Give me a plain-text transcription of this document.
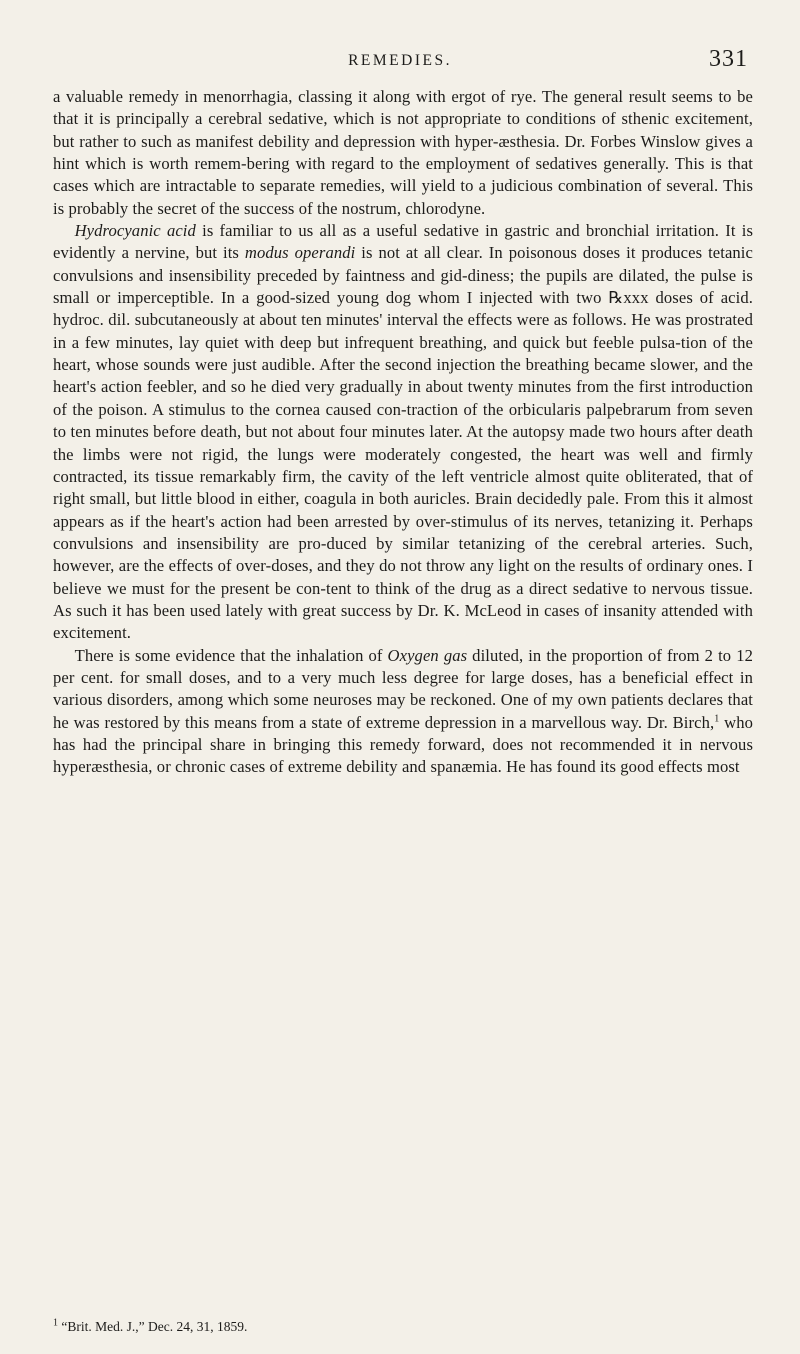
REMEDIES.	331

a valuable remedy in menorrhagia, classing it along with ergot of rye. The general result seems to be that it is principally a cerebral sedative, which is not appropriate to conditions of sthenic excitement, but rather to such as manifest debility and depression with hyper-æsthesia. Dr. Forbes Winslow gives a hint which is worth remem-bering with regard to the employment of sedatives generally. This is that cases which are intractable to separate remedies, will yield to a judicious combination of several. This is probably the secret of the success of the nostrum, chlorodyne.

Hydrocyanic acid is familiar to us all as a useful sedative in gastric and bronchial irritation. It is evidently a nervine, but its modus operandi is not at all clear. In poisonous doses it produces tetanic convulsions and insensibility preceded by faintness and gid-diness; the pupils are dilated, the pulse is small or imperceptible. In a good-sized young dog whom I injected with two ℞xxx doses of acid. hydroc. dil. subcutaneously at about ten minutes' interval the effects were as follows. He was prostrated in a few minutes, lay quiet with deep but infrequent breathing, and quick but feeble pulsa-tion of the heart, whose sounds were just audible. After the second injection the breathing became slower, and the heart's action feebler, and so he died very gradually in about twenty minutes from the first introduction of the poison. A stimulus to the cornea caused con-traction of the orbicularis palpebrarum from seven to ten minutes before death, but not about four minutes later. At the autopsy made two hours after death the limbs were not rigid, the lungs were moderately congested, the heart was well and firmly contracted, its tissue remarkably firm, the cavity of the left ventricle almost quite obliterated, that of right small, but little blood in either, coagula in both auricles. Brain decidedly pale. From this it almost appears as if the heart's action had been arrested by over-stimulus of its nerves, tetanizing it. Perhaps convulsions and insensibility are pro-duced by similar tetanizing of the cerebral arteries. Such, however, are the effects of over-doses, and they do not throw any light on the results of ordinary ones. I believe we must for the present be con-tent to think of the drug as a direct sedative to nervous tissue. As such it has been used lately with great success by Dr. K. McLeod in cases of insanity attended with excitement.

There is some evidence that the inhalation of Oxygen gas diluted, in the proportion of from 2 to 12 per cent. for small doses, and to a very much less degree for large doses, has a beneficial effect in various disorders, among which some neuroses may be reckoned. One of my own patients declares that he was restored by this means from a state of extreme depression in a marvellous way. Dr. Birch,$^1$ who has had the principal share in bringing this remedy forward, does not recommended it in nervous hyperæsthesia, or chronic cases of extreme debility and spanæmia. He has found its good effects most

$^1$ “Brit. Med. J.,” Dec. 24, 31, 1859.
